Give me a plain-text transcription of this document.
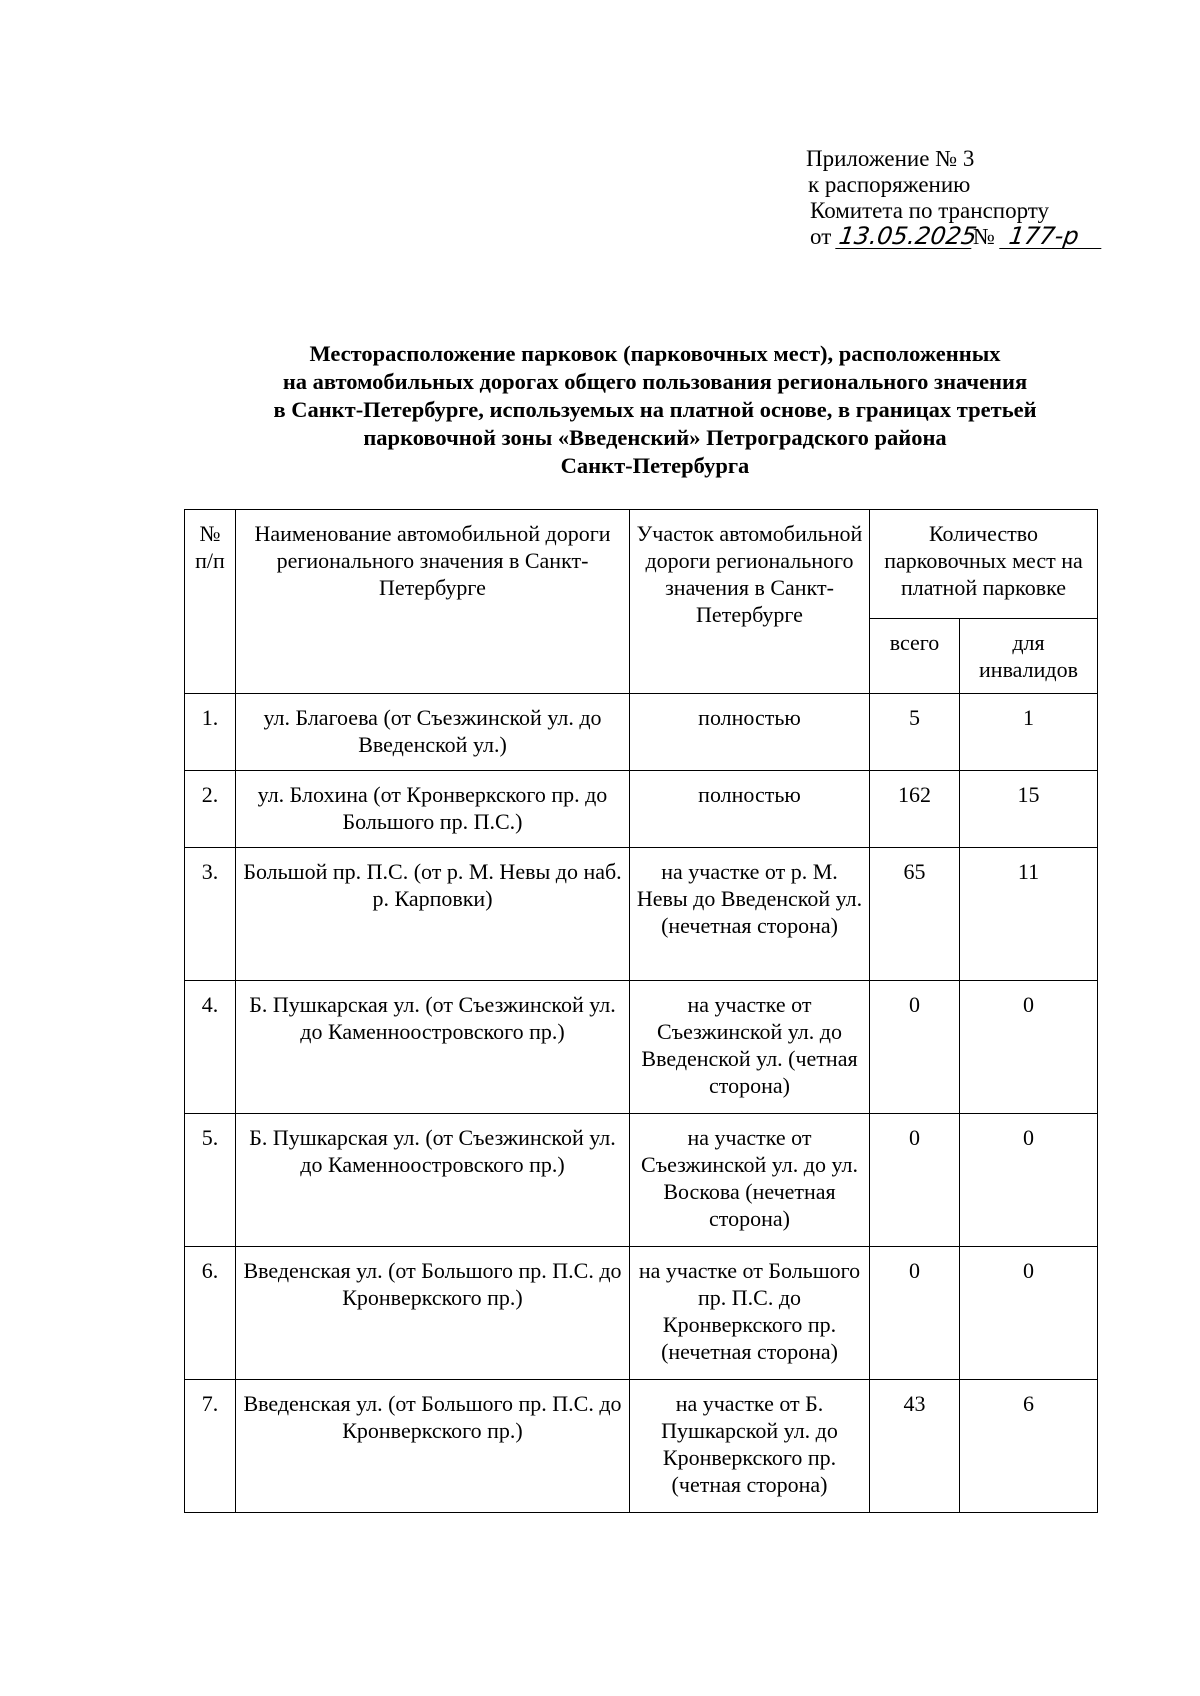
Приложение № 3
к распоряжению
Комитета по транспорту
от 13.05.2025№ 177-р
Месторасположение парковок (парковочных мест), расположенных
на автомобильных дорогах общего пользования регионального значения
в Санкт-Петербурге, используемых на платной основе, в границах третьей
парковочной зоны «Введенский» Петроградского района
Санкт-Петербурга
№ п/п	Наименование автомобильной дороги регионального значения в Санкт-Петербурге	Участок автомобильной дороги регионального значения в Санкт-Петербурге	Количество парковочных мест на платной парковке	
			всего	для инвалидов
1.	ул. Благоева (от Съезжинской ул. до Введенской ул.)	полностью	5	1
2.	ул. Блохина (от Кронверкского пр. до Большого пр. П.С.)	полностью	162	15
3.	Большой пр. П.С. (от р. М. Невы до наб. р. Карповки)	на участке от р. М. Невы до Введенской ул. (нечетная сторона)	65	11
4.	Б. Пушкарская ул. (от Съезжинской ул. до Каменноостровского пр.)	на участке от Съезжинской ул. до Введенской ул. (четная сторона)	0	0
5.	Б. Пушкарская ул. (от Съезжинской ул. до Каменноостровского пр.)	на участке от Съезжинской ул. до ул. Воскова (нечетная сторона)	0	0
6.	Введенская ул. (от Большого пр. П.С. до Кронверкского пр.)	на участке от Большого пр. П.С. до Кронверкского пр. (нечетная сторона)	0	0
7.	Введенская ул. (от Большого пр. П.С. до Кронверкского пр.)	на участке от Б. Пушкарской ул. до Кронверкского пр. (четная сторона)	43	6
